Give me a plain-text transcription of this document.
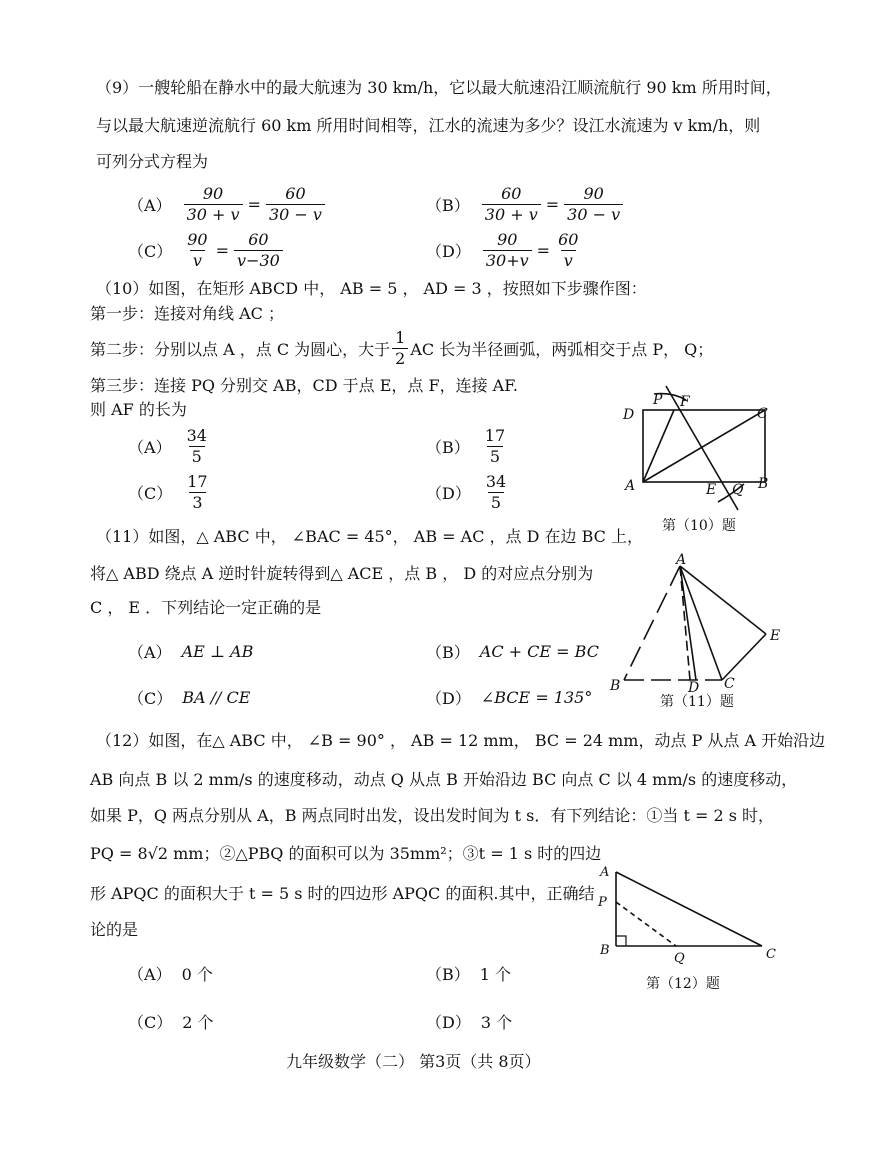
（9）一艘轮船在静水中的最大航速为 30 km/h，它以最大航速沿江顺流航行 90 km 所用时间，
与以最大航速逆流航行 60 km 所用时间相等，江水的流速为多少？设江水流速为 v km/h，则
可列分式方程为
$(A) \frac{90}{30 + v} = \frac{60}{30 - v}$	$(B) \frac{60}{30 + v} = \frac{90}{30 - v}$
$(C) \frac{90}{v} = \frac{60}{v-30}$	$(D) \frac{90}{30+v} = \frac{60}{v}$
（10）如图，在矩形 ABCD 中， AB = 5 ， AD = 3 ，按照如下步骤作图：
第一步：连接对角线 AC ；
第二步：分别以点 A ，点 C 为圆心，大于 $\frac{1}{2}$ AC 长为半径画弧，两弧相交于点 P， Q；
第三步：连接 PQ 分别交 AB，CD 于点 E，点 F，连接 AF.
则 AF 的长为
$(A) \frac{34}{5}$	$(B) \frac{17}{5}$
$(C) \frac{17}{3}$	$(D) \frac{34}{5}$
P F
D	C
A	E Q B
第（10）题
（11）如图，△ ABC 中， ∠BAC = 45°， AB = AC ，点 D 在边 BC 上，
将△ ABD 绕点 A 逆时针旋转得到△ ACE ，点 B ， D 的对应点分别为
C ， E ．下列结论一定正确的是
（A） AE ⊥ AB	（B） AC + CE = BC
（C） BA // CE	（D） ∠BCE = 135°
A
E
B	D C
第（11）题
（12）如图，在△ ABC 中， ∠B = 90° ， AB = 12 mm， BC = 24 mm，动点 P 从点 A 开始沿边
AB 向点 B 以 2 mm/s 的速度移动，动点 Q 从点 B 开始沿边 BC 向点 C 以 4 mm/s 的速度移动，
如果 P，Q 两点分别从 A，B 两点同时出发，设出发时间为 t s．有下列结论：①当 t = 2 s 时，
PQ = 8√2 mm；②△PBQ 的面积可以为 35mm²；③t = 1 s 时的四边
形 APQC 的面积大于 t = 5 s 时的四边形 APQC 的面积.其中，正确结
论的是
（A） 0 个	（B） 1 个
（C） 2 个	（D） 3 个
A
P
B
Q	C
第（12）题
九年级数学（二） 第3页（共 8页）
